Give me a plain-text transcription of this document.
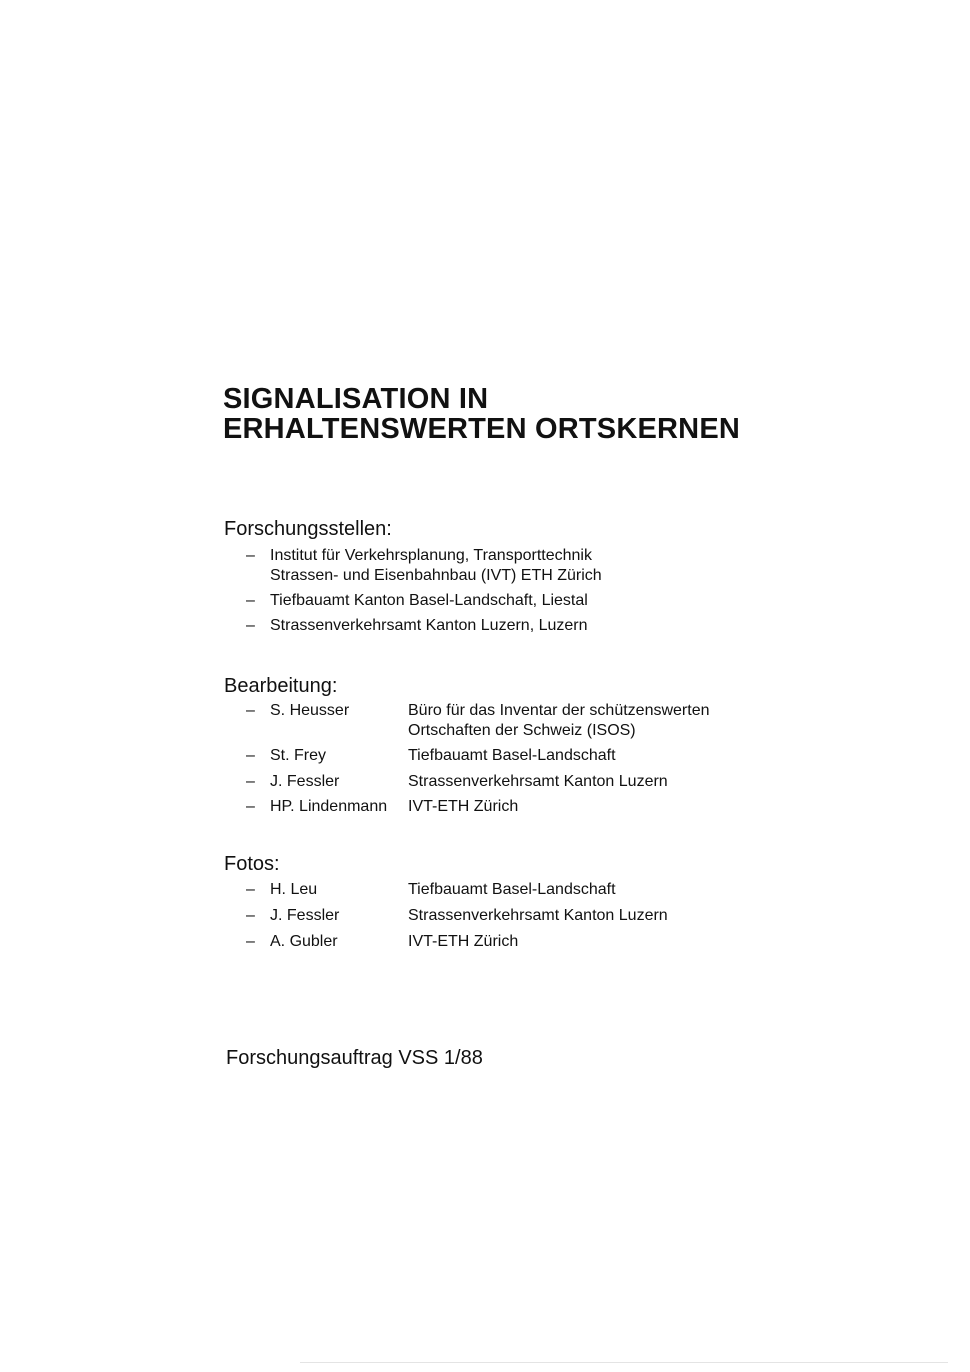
SIGNALISATION IN
ERHALTENSWERTEN ORTSKERNEN
Forschungsstellen:
– Institut für Verkehrsplanung, Transporttechnik
Strassen- und Eisenbahnbau (IVT) ETH Zürich
– Tiefbauamt Kanton Basel-Landschaft, Liestal
– Strassenverkehrsamt Kanton Luzern, Luzern
Bearbeitung:
– S. Heusser	Büro für das Inventar der schützenswerten
Ortschaften der Schweiz (ISOS)
– St. Frey	Tiefbauamt Basel-Landschaft
– J. Fessler	Strassenverkehrsamt Kanton Luzern
– HP. Lindenmann IVT-ETH Zürich
Fotos:
– H. Leu	Tiefbauamt Basel-Landschaft
– J. Fessler	Strassenverkehrsamt Kanton Luzern
– A. Gubler	IVT-ETH Zürich

Forschungsauftrag VSS 1/88
